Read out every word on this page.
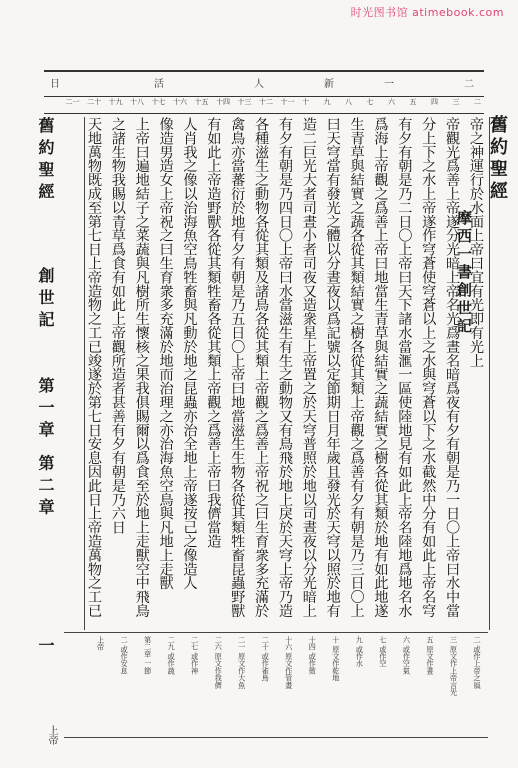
时光图书馆 atimebook.com
日	活	人	新	一	二
二
三
四
五
六
七
八
九
十
十一
十二
十三
十四
十五
十六
十七
十八
十九
二十
二一
舊約聖經
摩西一書創世記
帝之神運行於水面上帝曰宜有光即有光上
帝觀光爲善上帝遂分光暗上帝名光爲晝名暗爲夜有夕有朝是乃一日〇上帝曰水中當
分上下之水上帝遂作穹蒼使穹蒼以上之水與穹蒼以下之水截然中分有如此上帝名穹
有夕有朝是乃二日〇上帝曰天下諸水當滙一區使陸地見有如此上帝名陸地爲地名水
爲海上帝觀之爲善上帝曰地當生青草與結實之蔬結實之樹各從其類於地有如此地遂
生青草與結實之蔬各從其類結實之樹各從其類上帝觀之爲善有夕有朝是乃三日〇上
曰天穹當有發光之體以分晝夜以爲記號以定節期日月年歲且發光於天穹以照於地有
造二巨光大者司晝小者司夜又造衆星上帝置之於天穹普照於地以司晝夜以分光暗上
有夕有朝是乃四日〇上帝曰水當滋生有生之動物又有鳥飛於地上戾於天穹上帝乃造
各種滋生之動物各從其類及諸鳥各從其類上帝觀之爲善上帝祝之曰生育衆多充滿於
禽鳥亦當蕃衍於地有夕有朝是乃五日〇上帝曰地當滋生生物各從其類牲畜昆蟲野獸
有如此上帝造野獸各從其類牲畜各從其類上帝觀之爲善上帝曰我儕當造
人肖我之像以治海魚空鳥牲畜與凡動於地之昆蟲亦治全地上帝遂按己之像造人
像造男造女上帝祝之曰生育衆多充滿於地而治理之亦治海魚空鳥與凡地上走獸
上帝曰遍地結子之菜蔬與凡樹所生懷核之果我俱賜爾以爲食至於地上走獸空中飛鳥
之諸生物我賜以青草爲食有如此上帝觀所造者甚善有夕有朝是乃六日
天地萬物既成至第七日上帝造物之工已竣遂於第七日安息因此日上帝造萬物之工已
舊約聖經
創世記
第一章 第二章
一	二 或作上帝之風
三 原文作上帝言光
五 原文作晝
六 或作空氣
七 或作空
九 或作水
十 原文作乾地
十四 或作徵
十六 原文作管晝
二十 或作雀鳥
二一 原文作大魚
二六 原文作我儕
二七 或作神
二九 或作蔬
第二章 一節
二 或作安息
上帝
上帝
